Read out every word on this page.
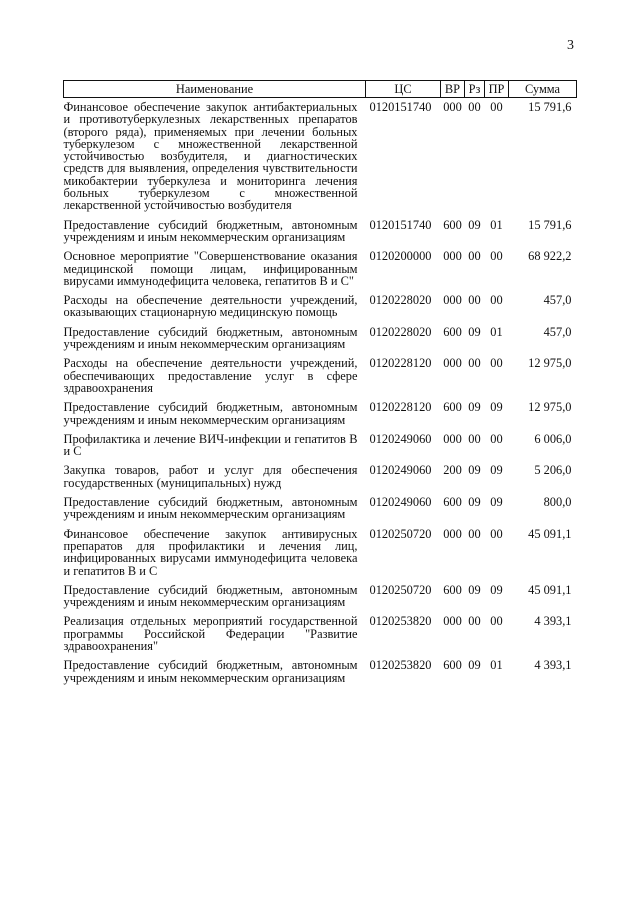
3
Наименование	ЦС	ВР	Рз	ПР	Сумма
Финансовое обеспечение закупок антибактериальных и противотуберкулезных лекарственных препаратов (второго ряда), применяемых при лечении больных туберкулезом с множественной лекарственной устойчивостью возбудителя, и диагностических средств для выявления, определения чувствительности микобактерии туберкулеза и мониторинга лечения больных туберкулезом с множественной лекарственной устойчивостью возбудителя	0120151740	000	00	00	15 791,6
Предоставление субсидий бюджетным, автономным учреждениям и иным некоммерческим организациям	0120151740	600	09	01	15 791,6
Основное мероприятие "Совершенствование оказания медицинской помощи лицам, инфицированным вирусами иммунодефицита человека, гепатитов В и С"	0120200000	000	00	00	68 922,2
Расходы на обеспечение деятельности учреждений, оказывающих стационарную медицинскую помощь	0120228020	000	00	00	457,0
Предоставление субсидий бюджетным, автономным учреждениям и иным некоммерческим организациям	0120228020	600	09	01	457,0
Расходы на обеспечение деятельности учреждений, обеспечивающих предоставление услуг в сфере здравоохранения	0120228120	000	00	00	12 975,0
Предоставление субсидий бюджетным, автономным учреждениям и иным некоммерческим организациям	0120228120	600	09	09	12 975,0
Профилактика и лечение ВИЧ-инфекции и гепатитов В и С	0120249060	000	00	00	6 006,0
Закупка товаров, работ и услуг для обеспечения государственных (муниципальных) нужд	0120249060	200	09	09	5 206,0
Предоставление субсидий бюджетным, автономным учреждениям и иным некоммерческим организациям	0120249060	600	09	09	800,0
Финансовое обеспечение закупок антивирусных препаратов для профилактики и лечения лиц, инфицированных вирусами иммунодефицита человека и гепатитов В и С	0120250720	000	00	00	45 091,1
Предоставление субсидий бюджетным, автономным учреждениям и иным некоммерческим организациям	0120250720	600	09	09	45 091,1
Реализация отдельных мероприятий государственной программы Российской Федерации "Развитие здравоохранения"	0120253820	000	00	00	4 393,1
Предоставление субсидий бюджетным, автономным учреждениям и иным некоммерческим организациям	0120253820	600	09	01	4 393,1
